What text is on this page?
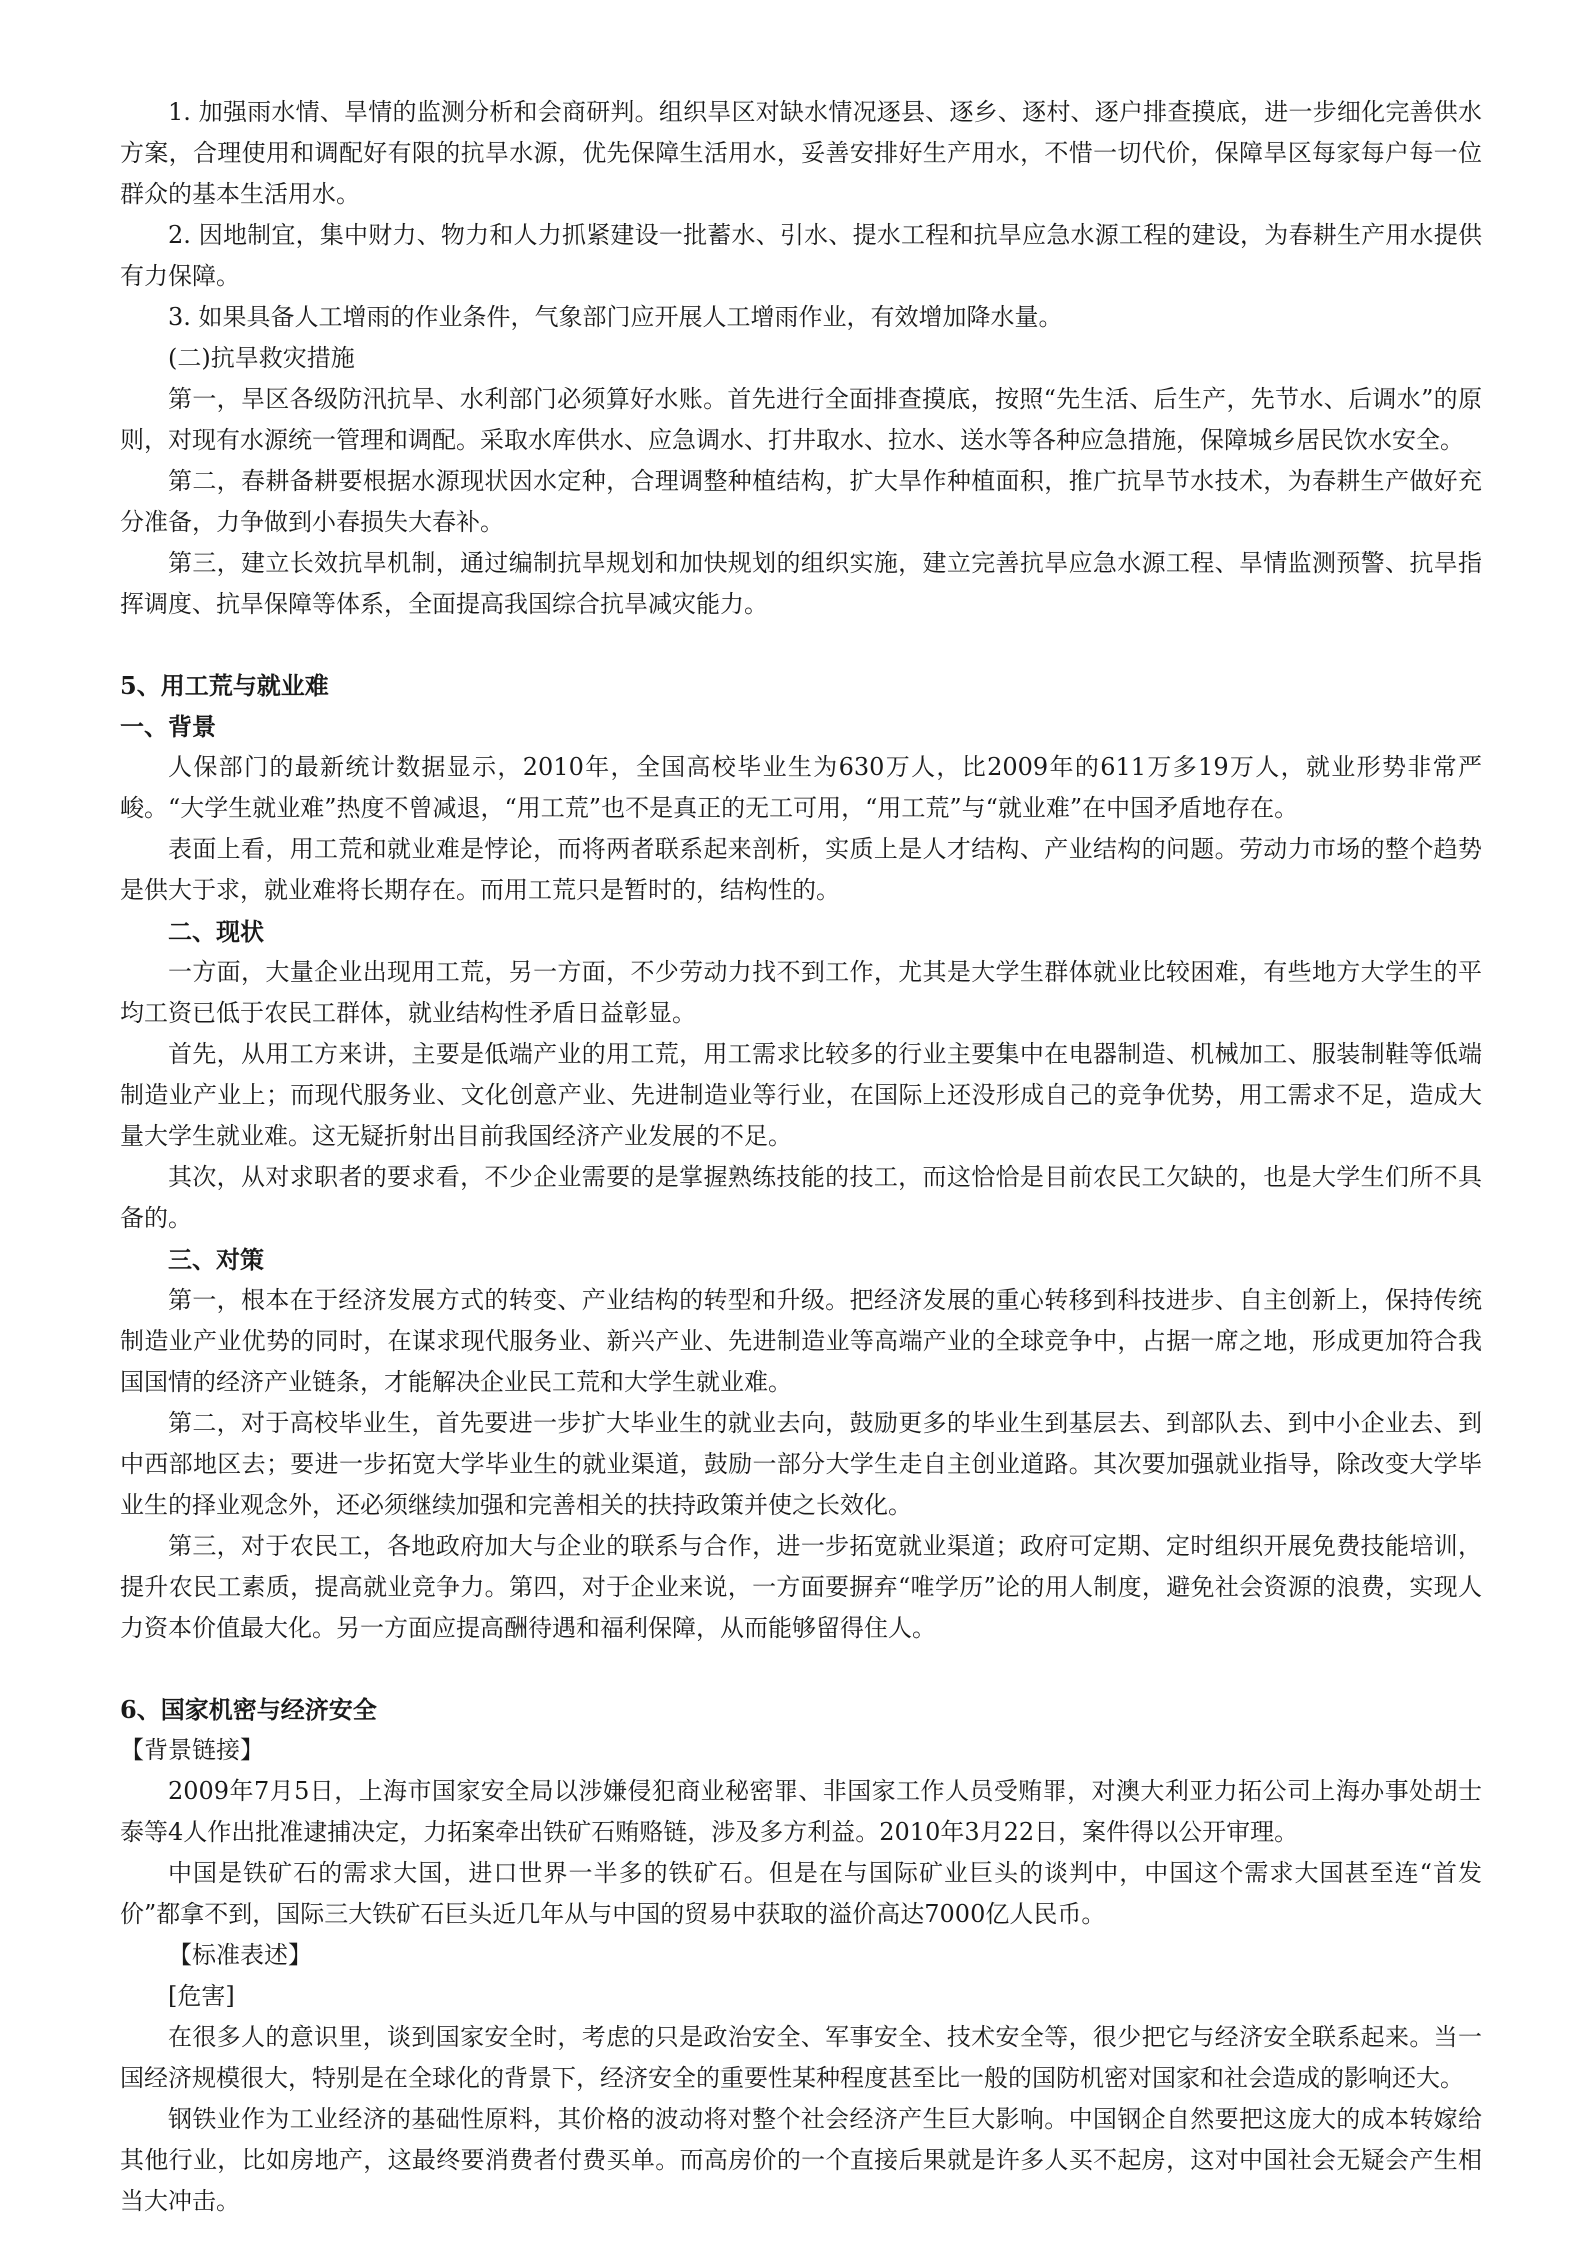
1. 加强雨水情、旱情的监测分析和会商研判。组织旱区对缺水情况逐县、逐乡、逐村、逐户排查摸底，进一步细化完善供水方案，合理使用和调配好有限的抗旱水源，优先保障生活用水，妥善安排好生产用水，不惜一切代价，保障旱区每家每户每一位群众的基本生活用水。

2. 因地制宜，集中财力、物力和人力抓紧建设一批蓄水、引水、提水工程和抗旱应急水源工程的建设，为春耕生产用水提供有力保障。

3. 如果具备人工增雨的作业条件，气象部门应开展人工增雨作业，有效增加降水量。

(二)抗旱救灾措施

第一，旱区各级防汛抗旱、水利部门必须算好水账。首先进行全面排查摸底，按照“先生活、后生产，先节水、后调水”的原则，对现有水源统一管理和调配。采取水库供水、应急调水、打井取水、拉水、送水等各种应急措施，保障城乡居民饮水安全。

第二，春耕备耕要根据水源现状因水定种，合理调整种植结构，扩大旱作种植面积，推广抗旱节水技术，为春耕生产做好充分准备，力争做到小春损失大春补。

第三，建立长效抗旱机制，通过编制抗旱规划和加快规划的组织实施，建立完善抗旱应急水源工程、旱情监测预警、抗旱指挥调度、抗旱保障等体系，全面提高我国综合抗旱减灾能力。

5、用工荒与就业难

一、背景

人保部门的最新统计数据显示，2010年，全国高校毕业生为630万人，比2009年的611万多19万人，就业形势非常严峻。“大学生就业难”热度不曾减退，“用工荒”也不是真正的无工可用，“用工荒”与“就业难”在中国矛盾地存在。

表面上看，用工荒和就业难是悖论，而将两者联系起来剖析，实质上是人才结构、产业结构的问题。劳动力市场的整个趋势是供大于求，就业难将长期存在。而用工荒只是暂时的，结构性的。

二、现状

一方面，大量企业出现用工荒，另一方面，不少劳动力找不到工作，尤其是大学生群体就业比较困难，有些地方大学生的平均工资已低于农民工群体，就业结构性矛盾日益彰显。

首先，从用工方来讲，主要是低端产业的用工荒，用工需求比较多的行业主要集中在电器制造、机械加工、服装制鞋等低端制造业产业上；而现代服务业、文化创意产业、先进制造业等行业，在国际上还没形成自己的竞争优势，用工需求不足，造成大量大学生就业难。这无疑折射出目前我国经济产业发展的不足。

其次，从对求职者的要求看，不少企业需要的是掌握熟练技能的技工，而这恰恰是目前农民工欠缺的，也是大学生们所不具备的。

三、对策

第一，根本在于经济发展方式的转变、产业结构的转型和升级。把经济发展的重心转移到科技进步、自主创新上，保持传统制造业产业优势的同时，在谋求现代服务业、新兴产业、先进制造业等高端产业的全球竞争中，占据一席之地，形成更加符合我国国情的经济产业链条，才能解决企业民工荒和大学生就业难。

第二，对于高校毕业生，首先要进一步扩大毕业生的就业去向，鼓励更多的毕业生到基层去、到部队去、到中小企业去、到中西部地区去；要进一步拓宽大学毕业生的就业渠道，鼓励一部分大学生走自主创业道路。其次要加强就业指导，除改变大学毕业生的择业观念外，还必须继续加强和完善相关的扶持政策并使之长效化。

第三，对于农民工，各地政府加大与企业的联系与合作，进一步拓宽就业渠道；政府可定期、定时组织开展免费技能培训，提升农民工素质，提高就业竞争力。第四，对于企业来说，一方面要摒弃“唯学历”论的用人制度，避免社会资源的浪费，实现人力资本价值最大化。另一方面应提高酬待遇和福利保障，从而能够留得住人。

6、国家机密与经济安全

【背景链接】

2009年7月5日，上海市国家安全局以涉嫌侵犯商业秘密罪、非国家工作人员受贿罪，对澳大利亚力拓公司上海办事处胡士泰等4人作出批准逮捕决定，力拓案牵出铁矿石贿赂链，涉及多方利益。2010年3月22日，案件得以公开审理。

中国是铁矿石的需求大国，进口世界一半多的铁矿石。但是在与国际矿业巨头的谈判中，中国这个需求大国甚至连“首发价”都拿不到，国际三大铁矿石巨头近几年从与中国的贸易中获取的溢价高达7000亿人民币。

【标准表述】

[危害]

在很多人的意识里，谈到国家安全时，考虑的只是政治安全、军事安全、技术安全等，很少把它与经济安全联系起来。当一国经济规模很大，特别是在全球化的背景下，经济安全的重要性某种程度甚至比一般的国防机密对国家和社会造成的影响还大。

钢铁业作为工业经济的基础性原料，其价格的波动将对整个社会经济产生巨大影响。中国钢企自然要把这庞大的成本转嫁给其他行业，比如房地产，这最终要消费者付费买单。而高房价的一个直接后果就是许多人买不起房，这对中国社会无疑会产生相当大冲击。
